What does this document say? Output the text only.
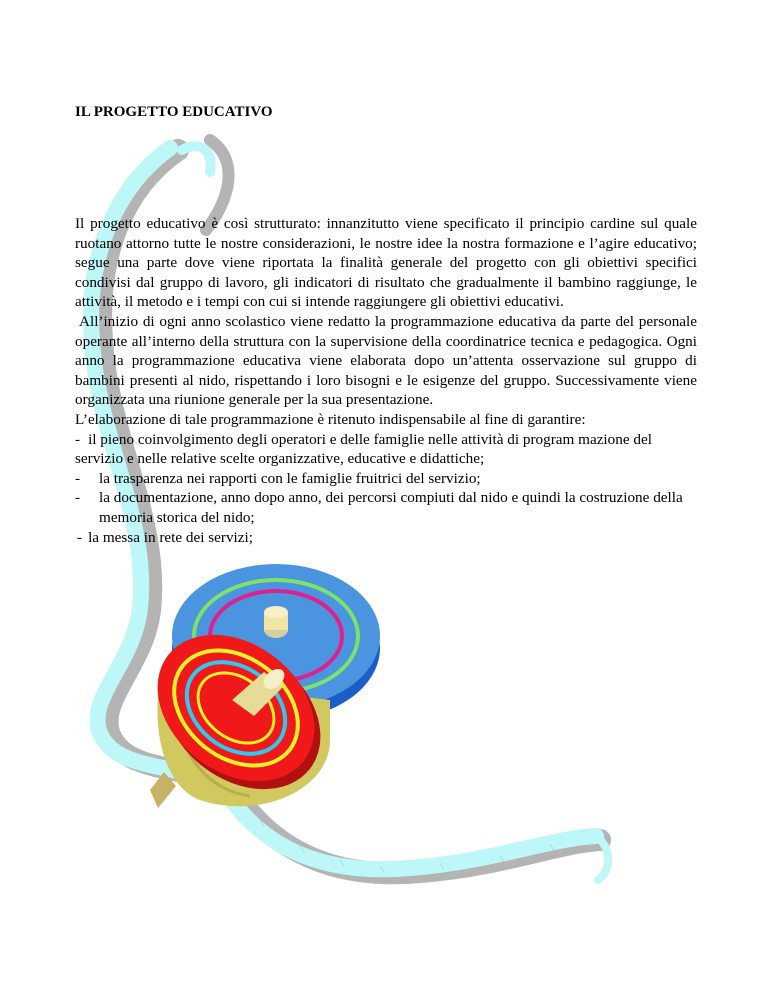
IL PROGETTO EDUCATIVO

Il progetto educativo è così strutturato: innanzitutto viene specificato il principio cardine sul quale ruotano attorno tutte le nostre considerazioni, le nostre idee la nostra formazione e l’agire educativo; segue una parte dove viene riportata la finalità generale del progetto con gli obiettivi specifici condivisi dal gruppo di lavoro, gli indicatori di risultato che gradualmente il bambino raggiunge, le attività, il metodo e i tempi con cui si intende raggiungere gli obiettivi educativi.

All’inizio di ogni anno scolastico viene redatto la programmazione educativa da parte del personale operante all’interno della struttura con la supervisione della coordinatrice tecnica e pedagogica. Ogni anno la programmazione educativa viene elaborata dopo un’attenta osservazione sul gruppo di bambini presenti al nido, rispettando i loro bisogni e le esigenze del gruppo. Successivamente viene organizzata una riunione generale per la sua presentazione.

L’elaborazione di tale programmazione è ritenuto indispensabile al fine di garantire:

- il pieno coinvolgimento degli operatori e delle famiglie nelle attività di program mazione del servizio e nelle relative scelte organizzative, educative e didattiche;
- la trasparenza nei rapporti con le famiglie fruitrici del servizio;
- la documentazione, anno dopo anno, dei percorsi compiuti dal nido e quindi la costruzione della memoria storica del nido;
- la messa in rete dei servizi;
